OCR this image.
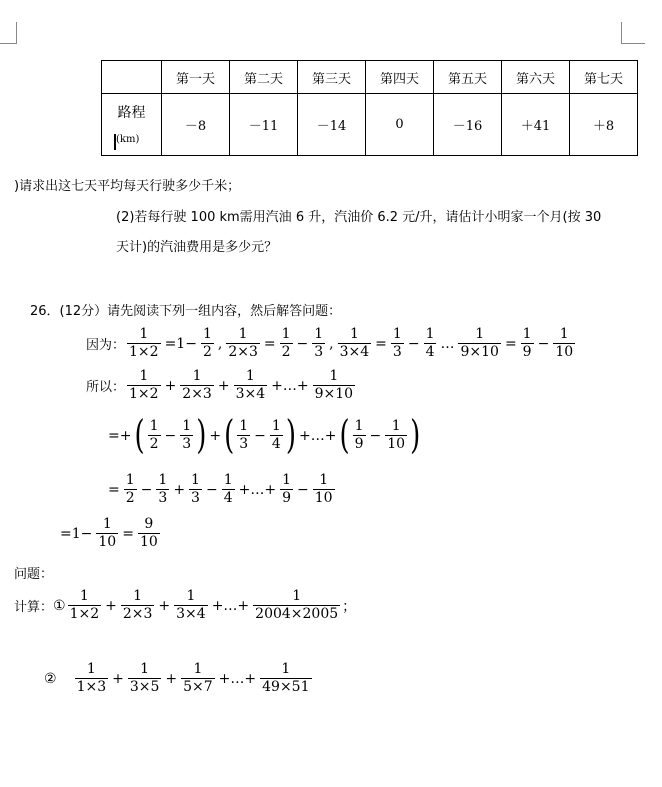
	第一天	第二天	第三天	第四天	第五天	第六天	第七天

路程
(km)	－8	－11	－14	0	－16	＋41	＋8
)请求出这七天平均每天行驶多少千米；
(2)若每行驶 100 km需用汽油 6 升，汽油价 6.2 元/升，请估计小明家一个月(按 30
天计)的汽油费用是多少元？
26．(12分）请先阅读下列一组内容，然后解答问题：
因为： $\frac{1}{1\times 2} =1- \frac{1}{2}$ , $\frac{1}{2\times 3} = \frac{1}{2} - \frac{1}{3}$ , $\frac{1}{3\times 4} = \frac{1}{3} - \frac{1}{4}$ … $\frac{1}{9\times 10} = \frac{1}{9} - \frac{1}{10}$
所以： $\frac{1}{1\times 2} + \frac{1}{2\times 3} + \frac{1}{3\times 4}$ +…+ $\frac{1}{9\times 10}$
=+ ( $\frac{1}{2} - \frac{1}{3}$ ) + ( $\frac{1}{3} - \frac{1}{4}$ ) +…+ ( $\frac{1}{9} - \frac{1}{10}$ )
= $\frac{1}{2} - \frac{1}{3} + \frac{1}{3} - \frac{1}{4}$ +…+ $\frac{1}{9} - \frac{1}{10}$
$=1- \frac{1}{10} = \frac{9}{10}$
问题：
计算： ① $\frac{1}{1\times 2} + \frac{1}{2\times 3} + \frac{1}{3\times 4}$ +…+ $\frac{1}{2004\times 2005}$ ；
② $\frac{1}{1\times 3} + \frac{1}{3\times 5} + \frac{1}{5\times 7}$ +…+ $\frac{1}{49\times 51}$
